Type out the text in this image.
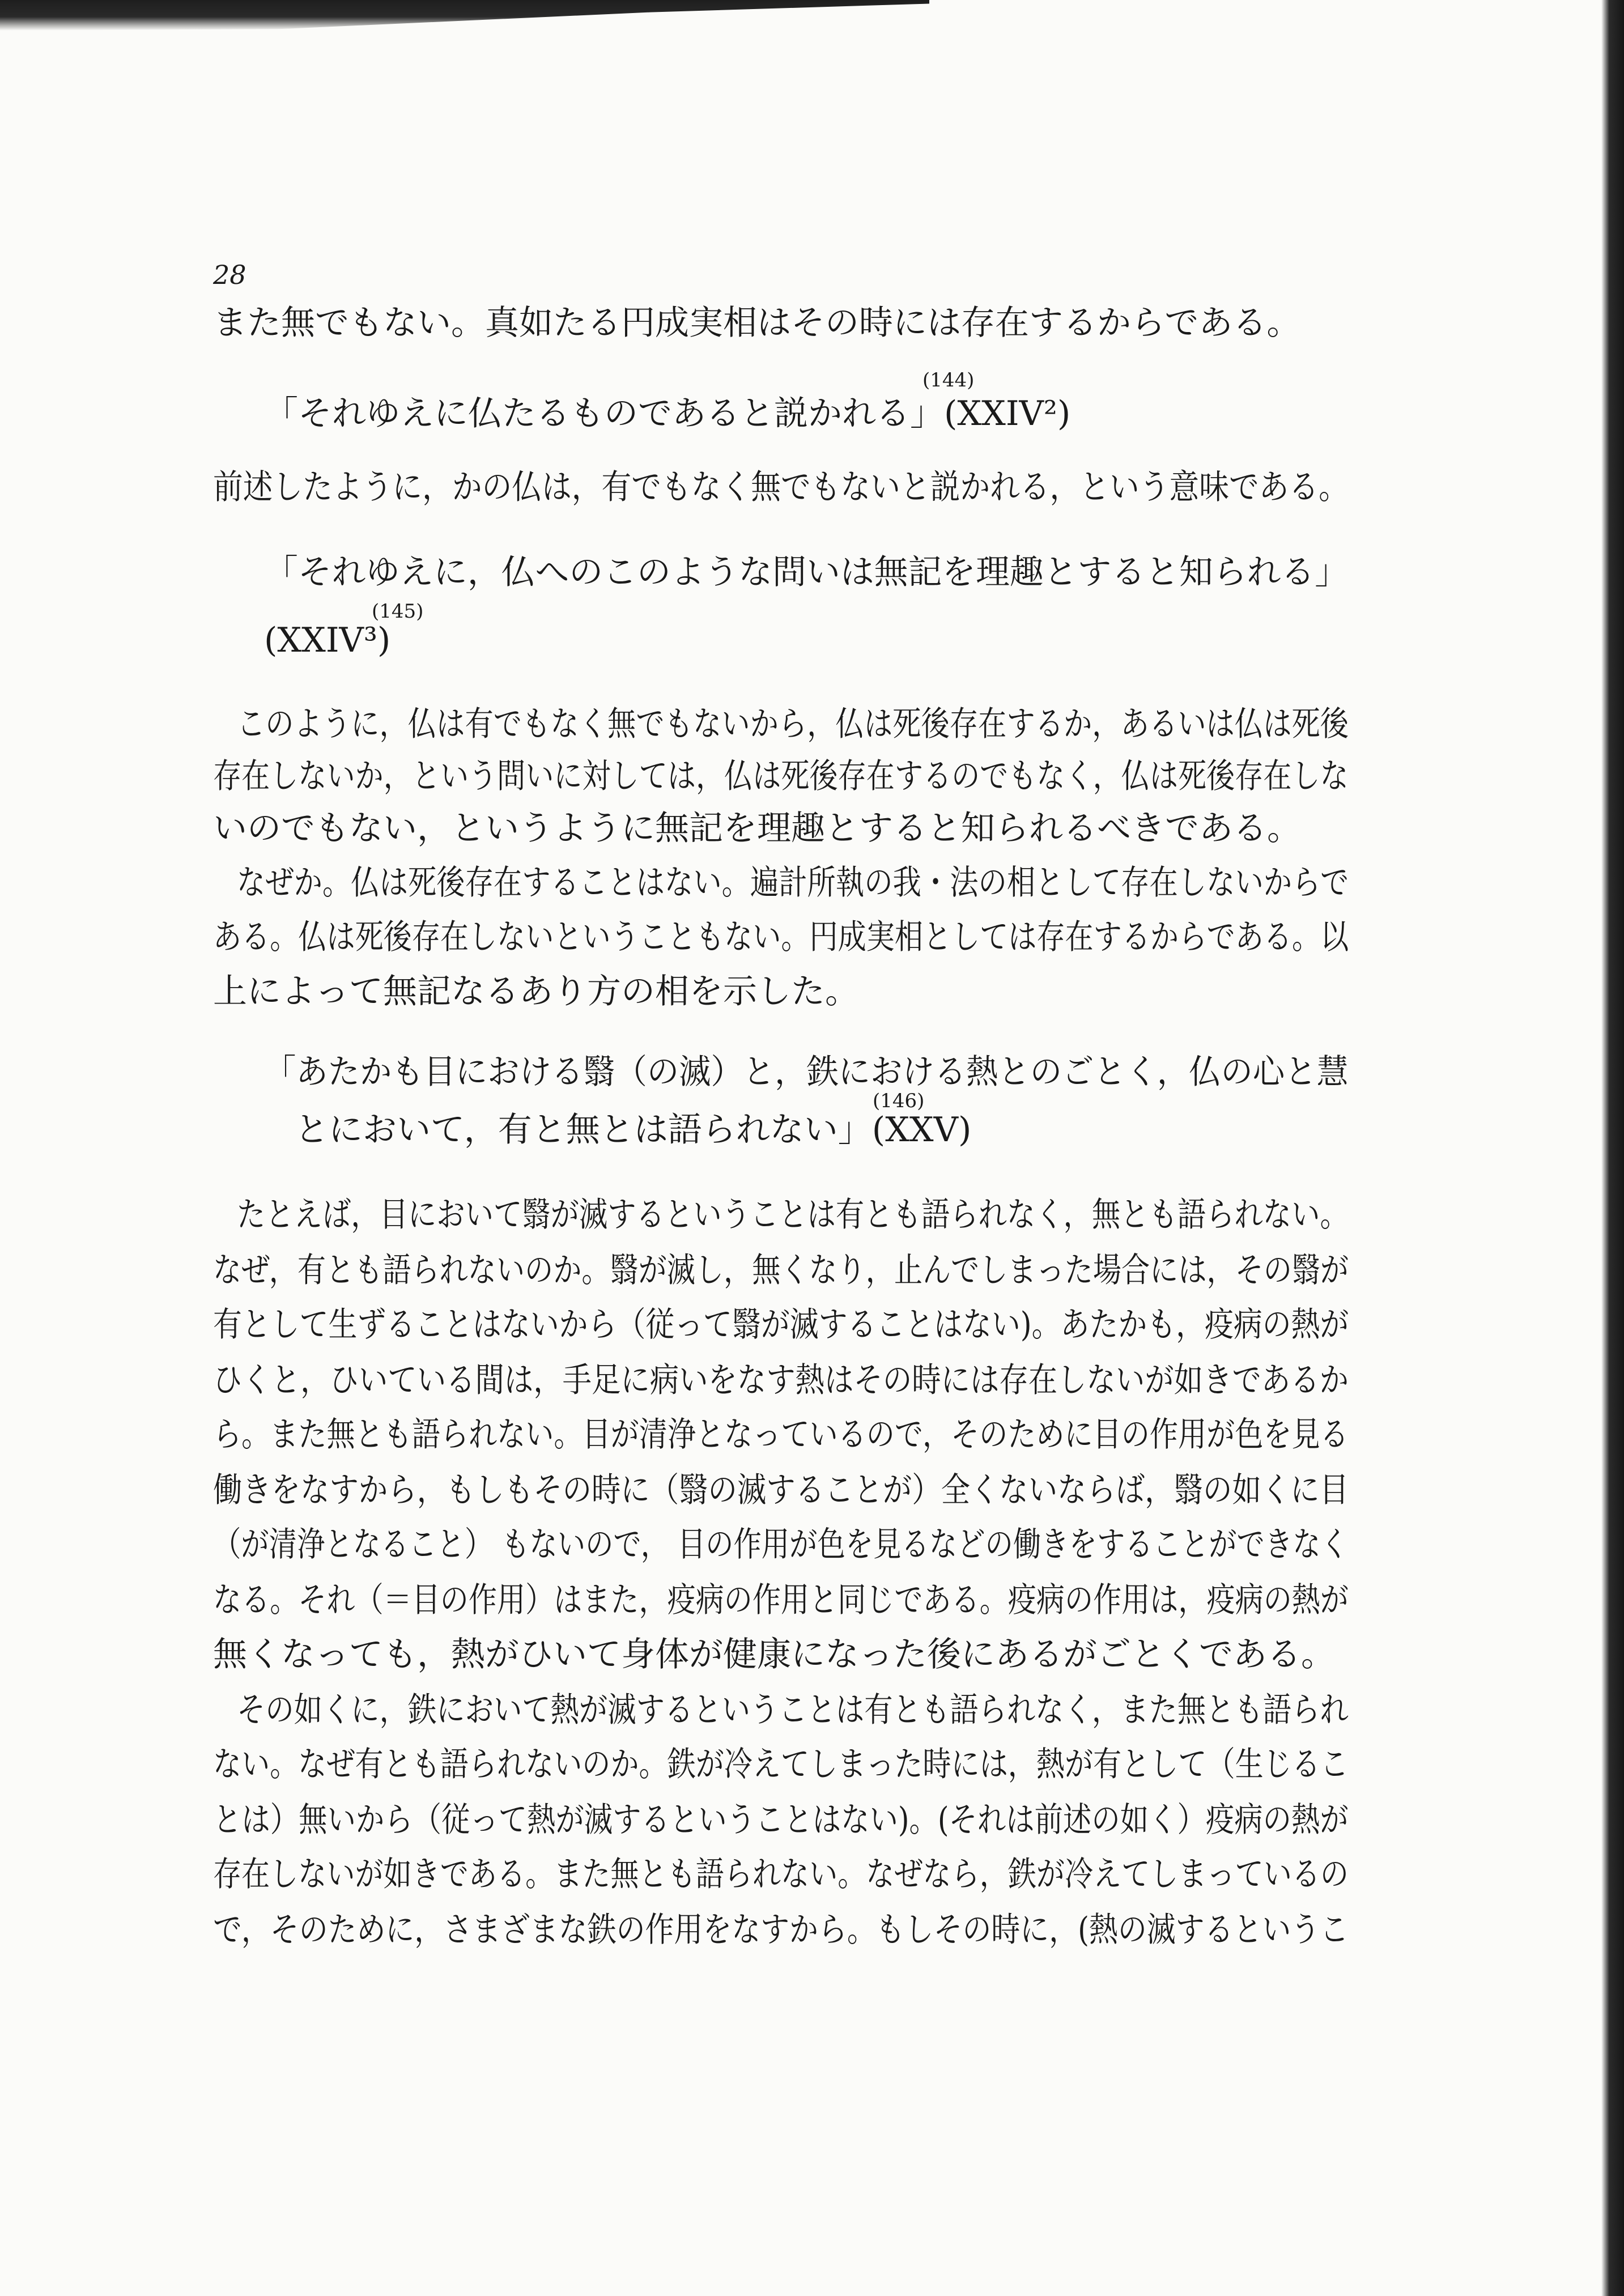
28
また無でもない。真如たる円成実相はその時には存在するからである。
「それゆえに仏たるものであると説かれる」(XXIV²)
(144)
前述したように，かの仏は，有でもなく無でもないと説かれる，という意味である。
「それゆえに，仏へのこのような問いは無記を理趣とすると知られる」
(XXIV³)
(145)
このように，仏は有でもなく無でもないから，仏は死後存在するか，あるいは仏は死後
存在しないか，という問いに対しては，仏は死後存在するのでもなく，仏は死後存在しな
いのでもない，というように無記を理趣とすると知られるべきである。
なぜか。仏は死後存在することはない。遍計所執の我・法の相として存在しないからで
ある。仏は死後存在しないということもない。円成実相としては存在するからである。以
上によって無記なるあり方の相を示した。
「あたかも目における翳（の滅）と，鉄における熱とのごとく，仏の心と慧
とにおいて，有と無とは語られない」(XXV)
(146)
たとえば，目において翳が滅するということは有とも語られなく，無とも語られない。
なぜ，有とも語られないのか。翳が滅し，無くなり，止んでしまった場合には，その翳が
有として生ずることはないから（従って翳が滅することはない)。あたかも，疫病の熱が
ひくと，ひいている間は，手足に病いをなす熱はその時には存在しないが如きであるか
ら。また無とも語られない。目が清浄となっているので，そのために目の作用が色を見る
働きをなすから，もしもその時に（翳の滅することが）全くないならば，翳の如くに目
（が清浄となること） もないので， 目の作用が色を見るなどの働きをすることができなく
なる。それ（＝目の作用）はまた，疫病の作用と同じである。疫病の作用は，疫病の熱が
無くなっても，熱がひいて身体が健康になった後にあるがごとくである。
その如くに，鉄において熱が滅するということは有とも語られなく，また無とも語られ
ない。なぜ有とも語られないのか。鉄が冷えてしまった時には，熱が有として（生じるこ
とは）無いから（従って熱が滅するということはない)。(それは前述の如く）疫病の熱が
存在しないが如きである。また無とも語られない。なぜなら，鉄が冷えてしまっているの
で，そのために，さまざまな鉄の作用をなすから。もしその時に，(熱の滅するというこ
